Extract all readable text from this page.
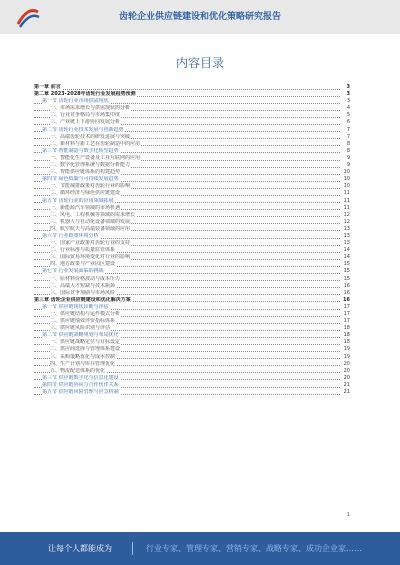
齿轮企业供应链建设和优化策略研究报告
内容目录
第一章 前言	3
第二章 2023-2028年齿轮行业发展趋势预测	3
第一节 齿轮行业市场供需现状	3
一、市场需求增长与供需现状的分析	4
二、行业竞争格局与市场集中度	5
三、产业链上下游协同发展分析	6
第二节 齿轮行业技术发展与创新趋势	7
一、高端齿轮技术的研发进展与突破	7
二、新材料与新工艺在齿轮制造中的应用	8
第三节 智能制造与数字化转型趋势	8
一、智能化生产设备及工业互联网的应用	9
二、数字化管理系统与数据分析能力	9
三、智能供应链体系的构建趋势	10
第四节 绿色低碳与可持续发展趋势	10
一、节能减排政策对齿轮行业的影响	10
二、循环经济与绿色供应链建设	11
第五节 齿轮行业的应用领域拓展	11
一、新能源汽车领域的市场机遇	11
二、风电、工程机械等领域的需求增长	12
三、机器人与自动化设备领域的发展	12
四、航空航天与高端装备领域的应用	13
第六节 行业政策环境分析	13
一、国家产业政策对齿轮行业的支持	13
二、行业标准与质量监管体系	14
三、国际贸易环境变化对行业的影响	14
四、地方政策与产业园区建设	15
第七节 行业发展面临的挑战	15
一、原材料价格波动与成本压力	15
二、高端人才短缺与技术瓶颈	16
三、国际竞争加剧与市场风险	16
第三章 齿轮企业供应链建设和优化解决方案	16
第一节 供应链现状诊断与评估	17
一、供应链结构与运作模式分析	17
二、供应链绩效评价指标体系	17
三、供应链风险识别与评估	18
第二节 供应链战略规划与布局优化	18
一、供应链战略定位与目标设定	18
二、供应商选择与管理体系建设	19
三、采购策略优化与成本控制	19
四、生产计划与库存管理优化	20
五、物流配送体系的优化	20
第三节 供应链数字化与信息化建设	20
第四节 供应链协同与合作伙伴关系	21
第五节 供应链风险管理与应急机制	21
1
让每个人都能成为	行业专家、管理专家、营销专家、战略专家、成功企业家……
